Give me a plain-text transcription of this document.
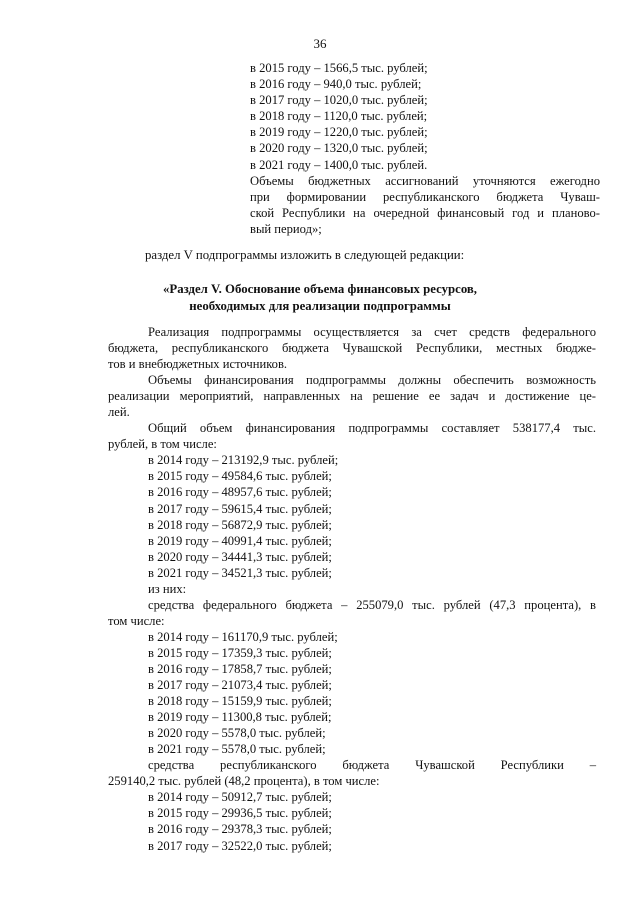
36
в 2015 году – 1566,5 тыс. рублей;
в 2016 году – 940,0 тыс. рублей;
в 2017 году – 1020,0 тыс. рублей;
в 2018 году – 1120,0 тыс. рублей;
в 2019 году – 1220,0 тыс. рублей;
в 2020 году – 1320,0 тыс. рублей;
в 2021 году – 1400,0 тыс. рублей.
Объемы бюджетных ассигнований уточняются ежегодно
при формировании республиканского бюджета Чуваш-
ской Республики на очередной финансовый год и планово-
вый период»;
раздел V подпрограммы изложить в следующей редакции:
«Раздел V. Обоснование объема финансовых ресурсов,
необходимых для реализации подпрограммы
Реализация подпрограммы осуществляется за счет средств федерального
бюджета, республиканского бюджета Чувашской Республики, местных бюдже-
тов и внебюджетных источников.
Объемы финансирования подпрограммы должны обеспечить возможность
реализации мероприятий, направленных на решение ее задач и достижение це-
лей.
Общий объем финансирования подпрограммы составляет 538177,4 тыс.
рублей, в том числе:
в 2014 году – 213192,9 тыс. рублей;
в 2015 году – 49584,6 тыс. рублей;
в 2016 году – 48957,6 тыс. рублей;
в 2017 году – 59615,4 тыс. рублей;
в 2018 году – 56872,9 тыс. рублей;
в 2019 году – 40991,4 тыс. рублей;
в 2020 году – 34441,3 тыс. рублей;
в 2021 году – 34521,3 тыс. рублей;
из них:
средства федерального бюджета – 255079,0 тыс. рублей (47,3 процента), в
том числе:
в 2014 году – 161170,9 тыс. рублей;
в 2015 году – 17359,3 тыс. рублей;
в 2016 году – 17858,7 тыс. рублей;
в 2017 году – 21073,4 тыс. рублей;
в 2018 году – 15159,9 тыс. рублей;
в 2019 году – 11300,8 тыс. рублей;
в 2020 году – 5578,0 тыс. рублей;
в 2021 году – 5578,0 тыс. рублей;
средства республиканского бюджета Чувашской Республики –
259140,2 тыс. рублей (48,2 процента), в том числе:
в 2014 году – 50912,7 тыс. рублей;
в 2015 году – 29936,5 тыс. рублей;
в 2016 году – 29378,3 тыс. рублей;
в 2017 году – 32522,0 тыс. рублей;
